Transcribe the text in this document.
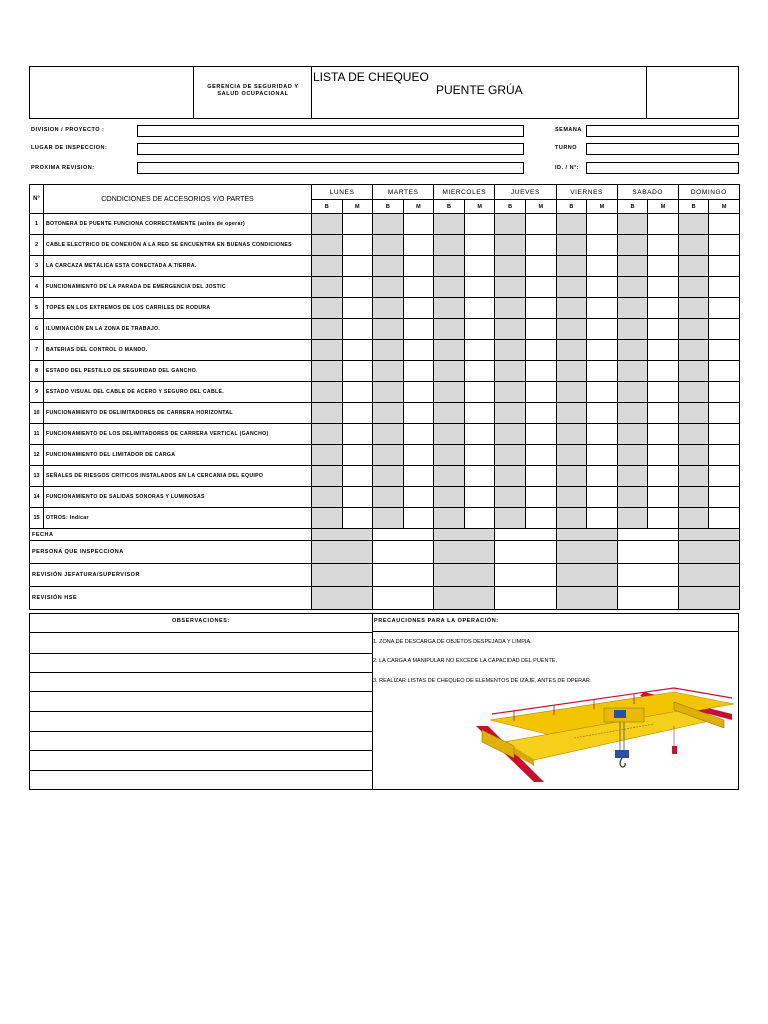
GERENCIA DE SEGURIDAD Y SALUD OCUPACIONAL
LISTA DE CHEQUEO
PUENTE GRÚA
DIVISION / PROYECTO :
LUGAR DE INSPECCION:
PROXIMA REVISION:
SEMANA
TURNO
ID. / N°:
N°	CONDICIONES DE ACCESORIOS Y/O PARTES	LUNES		MARTES		MIERCOLES		JUEVES		VIERNES		SABADO		DOMINGO	
		B	M	B	M	B	M	B	M	B	M	B	M	B	M
1	BOTONERA DE PUENTE FUNCIONA CORRECTAMENTE (antes de operar)														
2	CABLE ELECTRICO DE CONEXIÓN A LA RED SE ENCUENTRA EN BUENAS CONDICIONES														
3	LA CARCAZA METÁLICA ESTA CONECTADA A TIERRA.														
4	FUNCIONAMIENTO DE LA PARADA DE EMERGENCIA DEL JOSTIC														
5	TOPES EN LOS EXTREMOS DE LOS CARRILES DE RODURA														
6	ILUMINACIÓN EN LA ZONA DE TRABAJO.														
7	BATERIAS DEL CONTROL O MANDO.														
8	ESTADO DEL PESTILLO DE SEGURIDAD DEL GANCHO.														
9	ESTADO VISUAL DEL CABLE DE ACERO Y SEGURO DEL CABLE.														
10	FUNCIONAMIENTO DE DELIMITADORES DE CARRERA HORIZONTAL														
11	FUNCIONAMIENTO DE LOS DELIMITADORES DE CARRERA VERTICAL (GANCHO)														
12	FUNCIONAMIENTO DEL LIMITADOR DE CARGA														
13	SEÑALES DE RIESGOS CRITICOS INSTALADOS EN LA CERCANIA DEL EQUIPO														
14	FUNCIONAMIENTO DE SALIDAS SONORAS Y LUMINOSAS														
15	OTROS: Indicar														
FECHA															
PERSONA QUE INSPECCIONA															
REVISIÓN JEFATURA/SUPERVISOR															
REVISIÓN HSE															
OBSERVACIONES:	PRECAUCIONES PARA LA OPERACIÓN:
1. ZONA DE DESCARGA DE OBJETOS DESPEJADA Y LIMPIA.
2. LA CARGA A MANIPULAR NO EXCEDE LA CAPACIDAD DEL PUENTE.
3. REALIZAR LISTAS DE CHEQUEO DE ELEMENTOS DE IZAJE, ANTES DE OPERAR.
